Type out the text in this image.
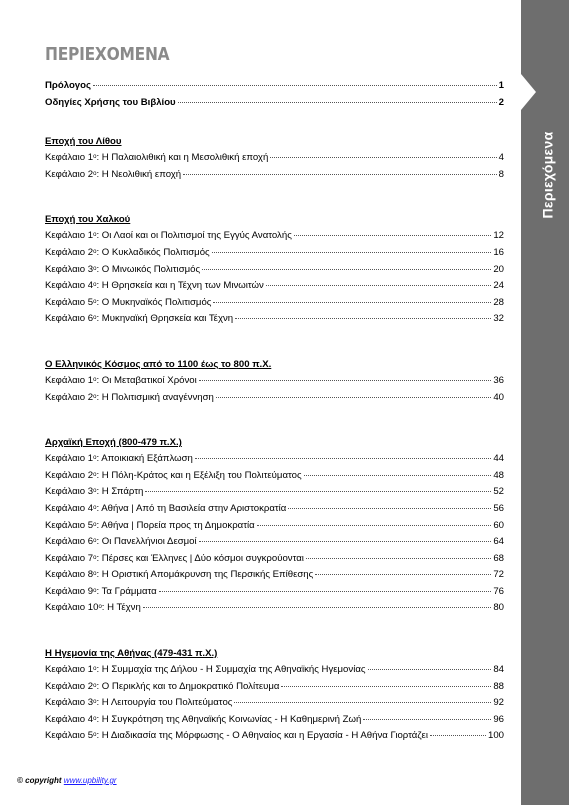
ΠΕΡΙΕΧΟΜΕΝΑ
Πρόλογος	1
Οδηγίες Χρήσης του Βιβλίου	2
Εποχή του Λίθου
Κεφάλαιο $1^o$: Η Παλαιολιθική και η Μεσολιθική εποχή	4
Κεφάλαιο $2^o$: Η Νεολιθική εποχή	8
Εποχή του Χαλκού
Κεφάλαιο $1^o$: Οι Λαοί και οι Πολιτισμοί της Εγγύς Ανατολής	12
Κεφάλαιο $2^o$: Ο Κυκλαδικός Πολιτισμός	16
Κεφάλαιο $3^o$: Ο Μινωικός Πολιτισμός	20
Κεφάλαιο $4^o$: Η Θρησκεία και η Τέχνη των Μινωιτών	24
Κεφάλαιο $5^o$: Ο Μυκηναϊκός Πολιτισμός	28
Κεφάλαιο $6^o$: Μυκηναϊκή Θρησκεία και Τέχνη	32
Ο Ελληνικός Κόσμος από το 1100 έως το 800 π.Χ.
Κεφάλαιο $1^o$: Οι Μεταβατικοί Χρόνοι	36
Κεφάλαιο $2^o$: Η Πολιτισμική αναγέννηση	40
Αρχαϊκή Εποχή (800-479 π.Χ.)
Κεφάλαιο $1^o$: Αποικιακή Εξάπλωση	44
Κεφάλαιο $2^o$: Η Πόλη-Κράτος και η Εξέλιξη του Πολιτεύματος	48
Κεφάλαιο $3^o$: Η Σπάρτη	52
Κεφάλαιο $4^o$: Αθήνα | Από τη Βασιλεία στην Αριστοκρατία	56
Κεφάλαιο $5^o$: Αθήνα | Πορεία προς τη Δημοκρατία	60
Κεφάλαιο $6^o$: Οι Πανελλήνιοι Δεσμοί	64
Κεφάλαιο $7^o$: Πέρσες και Έλληνες | Δύο κόσμοι συγκρούονται	68
Κεφάλαιο $8^o$: Η Οριστική Απομάκρυνση της Περσικής Επίθεσης	72
Κεφάλαιο $9^o$: Τα Γράμματα	76
Κεφάλαιο $10^o$: Η Τέχνη	80
Η Ηγεμονία της Αθήνας (479-431 π.Χ.)
Κεφάλαιο $1^o$: Η Συμμαχία της Δήλου - Η Συμμαχία της Αθηναϊκής Ηγεμονίας	84
Κεφάλαιο $2^o$: Ο Περικλής και το Δημοκρατικό Πολίτευμα	88
Κεφάλαιο $3^o$: Η Λειτουργία του Πολιτεύματος	92
Κεφάλαιο $4^o$: Η Συγκρότηση της Αθηναϊκής Κοινωνίας - Η Καθημερινή Ζωή	96
Κεφάλαιο $5^o$: Η Διαδικασία της Μόρφωσης - Ο Αθηναίος και η Εργασία - Η Αθήνα Γιορτάζει	100
Περιεχόμενα
© copyright www.upbility.gr
